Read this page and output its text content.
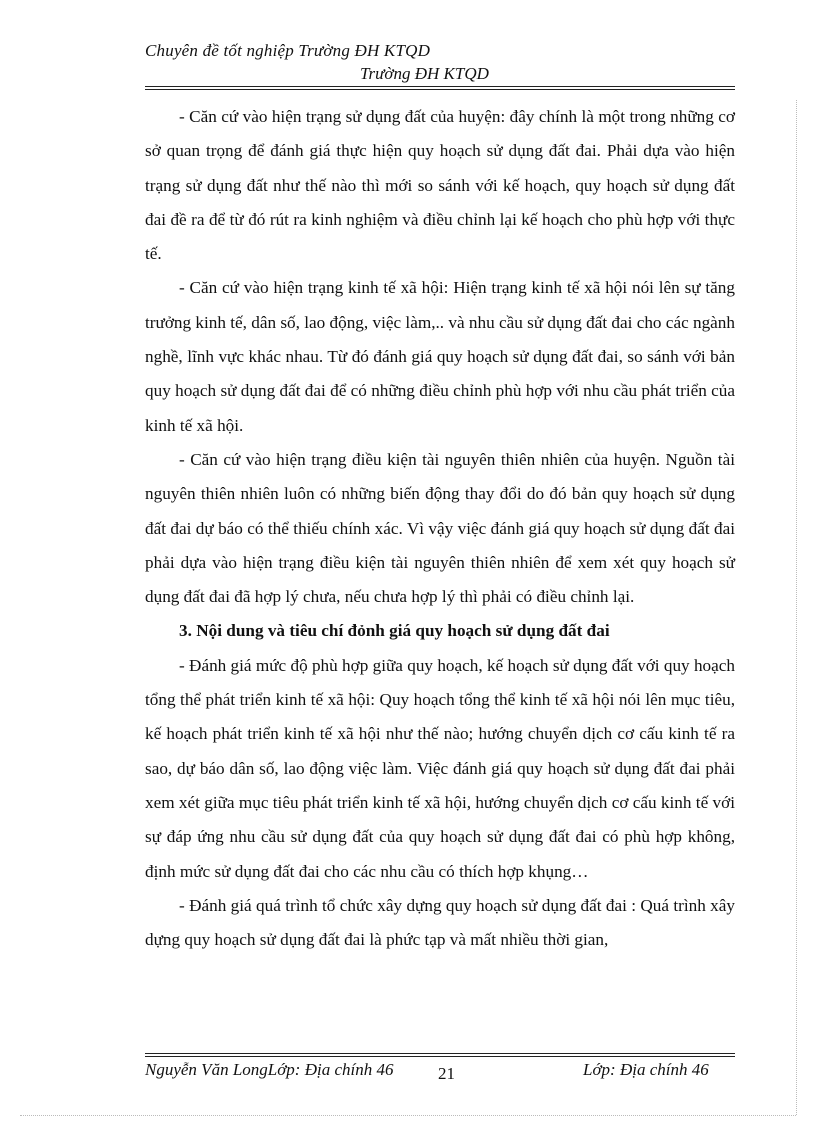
Chuyên đề tốt nghiệp Trường ĐH KTQD
Trường ĐH KTQD

- Căn cứ vào hiện trạng sử dụng đất của huyện: đây chính là một trong những cơ sở quan trọng để đánh giá thực hiện quy hoạch sử dụng đất đai. Phải dựa vào hiện trạng sử dụng đất như thế nào thì mới so sánh với kế hoạch, quy hoạch sử dụng đất đai đề ra để từ đó rút ra kinh nghiệm và điều chỉnh lại kế hoạch cho phù hợp với thực tế.

- Căn cứ vào hiện trạng kinh tế xã hội: Hiện trạng kinh tế xã hội nói lên sự tăng trưởng kinh tế, dân số, lao động, việc làm,.. và nhu cầu sử dụng đất đai cho các ngành nghề, lĩnh vực khác nhau. Từ đó đánh giá quy hoạch sử dụng đất đai, so sánh với bản quy hoạch sử dụng đất đai để có những điều chỉnh phù hợp với nhu cầu phát triển của kinh tế xã hội.

- Căn cứ vào hiện trạng điều kiện tài nguyên thiên nhiên của huyện. Nguồn tài nguyên thiên nhiên luôn có những biến động thay đổi do đó bản quy hoạch sử dụng đất đai dự báo có thể thiếu chính xác. Vì vậy việc đánh giá quy hoạch sử dụng đất đai phải dựa vào hiện trạng điều kiện tài nguyên thiên nhiên để xem xét quy hoạch sử dụng đất đai đã hợp lý chưa, nếu chưa hợp lý thì phải có điều chỉnh lại.

3. Nội dung và tiêu chí đỏnh giá quy hoạch sử dụng đất đai

- Đánh giá mức độ phù hợp giữa quy hoạch, kế hoạch sử dụng đất với quy hoạch tổng thể phát triển kinh tế xã hội: Quy hoạch tổng thể kinh tế xã hội nói lên mục tiêu, kế hoạch phát triển kinh tế xã hội như thế nào; hướng chuyển dịch cơ cấu kinh tế ra sao, dự báo dân số, lao động việc làm. Việc đánh giá quy hoạch sử dụng đất đai phải xem xét giữa mục tiêu phát triển kinh tế xã hội, hướng chuyển dịch cơ cấu kinh tế với sự đáp ứng nhu cầu sử dụng đất của quy hoạch sử dụng đất đai có phù hợp không, định mức sử dụng đất đai cho các nhu cầu có thích hợp khụng…

- Đánh giá quá trình tổ chức xây dựng quy hoạch sử dụng đất đai : Quá trình xây dựng quy hoạch sử dụng đất đai là phức tạp và mất nhiều thời gian,

Nguyễn Văn LongLớp: Địa chính 46	21	Lớp: Địa chính 46
